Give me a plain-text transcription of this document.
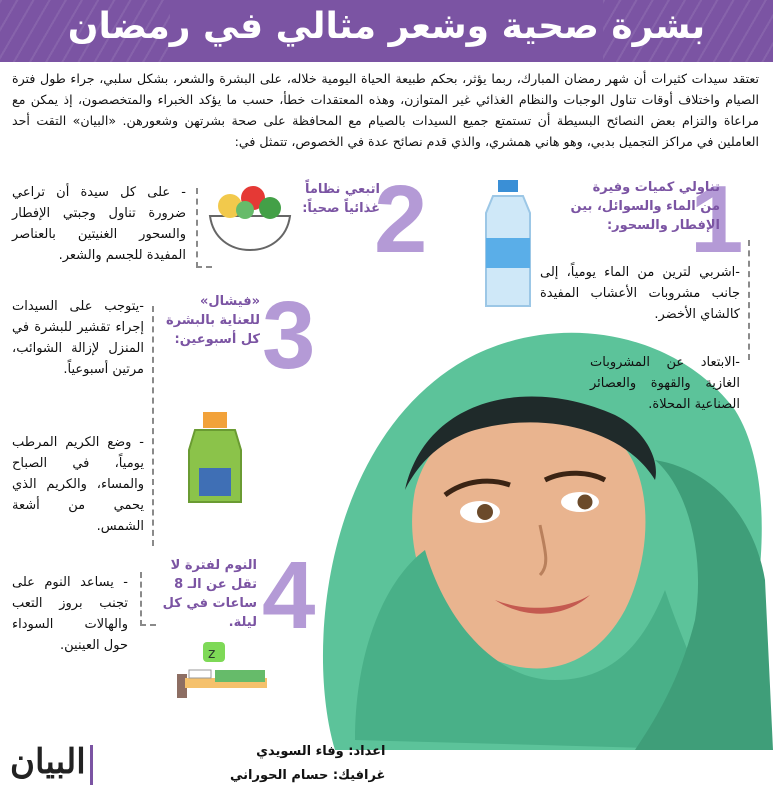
بشرة صحية وشعر مثالي في رمضان
تعتقد سيدات كثيرات أن شهر رمضان المبارك، ربما يؤثر، بحكم طبيعة الحياة اليومية خلاله، على البشرة والشعر، بشكل سلبي، جراء طول فترة الصيام واختلاف أوقات تناول الوجبات والنظام الغذائي غير المتوازن، وهذه المعتقدات خطأ، حسب ما يؤكد الخبراء والمتخصصون، إذ يمكن مع مراعاة والتزام بعض النصائح البسيطة أن تستمتع جميع السيدات بالصيام مع المحافظة على صحة بشرتهن وشعورهن. «البيان» التقت أحد العاملين في مراكز التجميل بدبي، وهو هاني همشري، والذي قدم نصائح عدة في الخصوص، تتمثل في:
1
تناولي كميات وفيرة من الماء والسوائل، بين الإفطار والسحور:
-اشربي لترين من الماء يومياً، إلى جانب مشروبات الأعشاب المفيدة كالشاي الأخضر.
-الابتعاد عن المشروبات الغازية والقهوة والعصائر الصناعية المحلاة.
2
اتبعي نظاماً غذائياً صحياً:
- على كل سيدة أن تراعي ضرورة تناول وجبتي الإفطار والسحور الغنيتين بالعناصر المفيدة للجسم والشعر.
3
«فيشال» للعناية بالبشرة كل أسبوعين:
-يتوجب على السيدات إجراء تقشير للبشرة في المنزل لإزالة الشوائب، مرتين أسبوعياً.
- وضع الكريم المرطب يومياً، في الصباح والمساء، والكريم الذي يحمي من أشعة الشمس.
4
النوم لفترة لا تقل عن الـ 8 ساعات في كل ليلة.
z
- يساعد النوم على تجنب بروز التعب والهالات السوداء حول العينين.
البيان	اعداد: وفاء السويدي
غرافيك: حسام الحوراني
